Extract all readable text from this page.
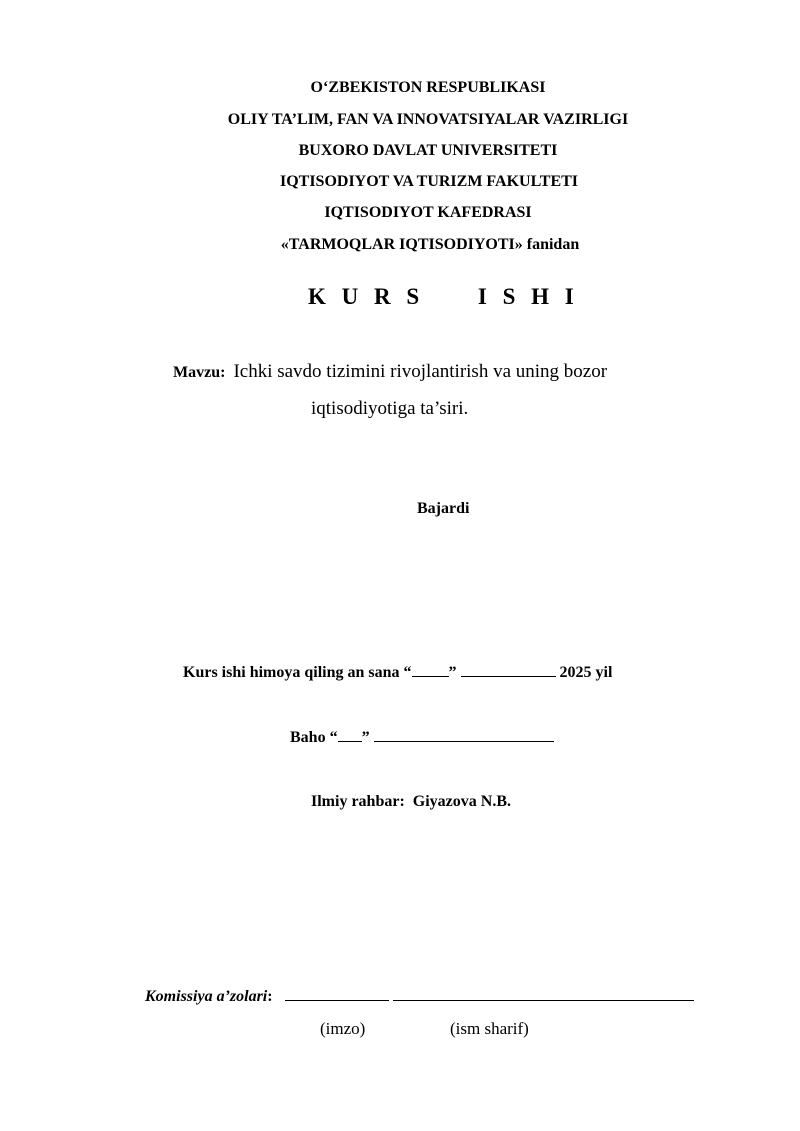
O‘ZBEKISTON RESPUBLIKASI
OLIY TA’LIM, FAN VA INNOVATSIYALAR VAZIRLIGI
BUXORO DAVLAT UNIVERSITETI
IQTISODIYOT VA TURIZM FAKULTETI
IQTISODIYOT KAFEDRASI
«TARMOQLAR IQTISODIYOTI» fanidan
K U R S     I S H I
Mavzu: Ichki savdo tizimini rivojlantirish va uning bozor
iqtisodiyotiga ta’siri.
Bajardi
Kurs ishi himoya qiling an sana “ ”	2025 yil
Baho “ ”
Ilmiy rahbar: Giyazova N.B.
Komissiya a’zolari:
(imzo)	(ism sharif)
